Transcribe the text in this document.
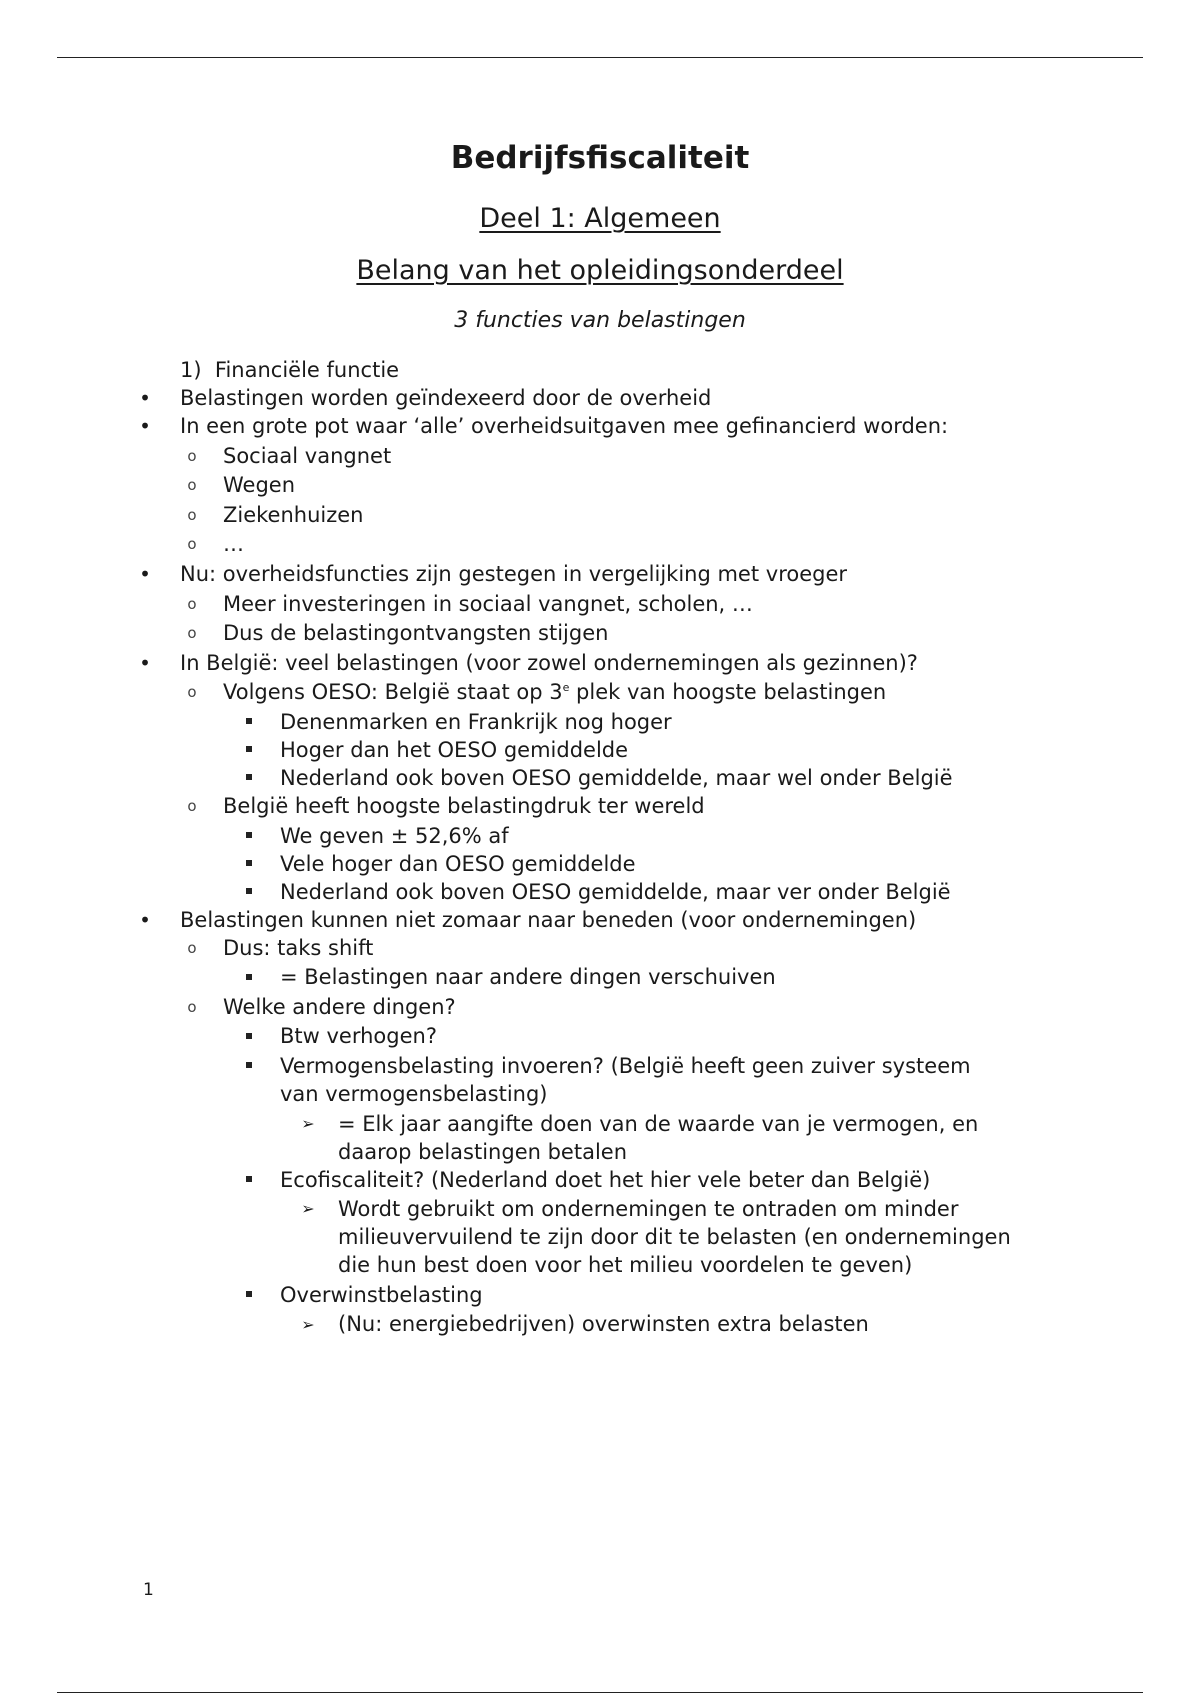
Bedrijfsfiscaliteit
Deel 1: Algemeen
Belang van het opleidingsonderdeel
3 functies van belastingen
1) Financiële functie
• Belastingen worden geïndexeerd door de overheid
• In een grote pot waar ‘alle’ overheidsuitgaven mee gefinancierd worden:
o Sociaal vangnet
o Wegen
o Ziekenhuizen
o …
• Nu: overheidsfuncties zijn gestegen in vergelijking met vroeger
o Meer investeringen in sociaal vangnet, scholen, …
o Dus de belastingontvangsten stijgen
• In België: veel belastingen (voor zowel ondernemingen als gezinnen)?
o Volgens OESO: België staat op 3e plek van hoogste belastingen
Denenmarken en Frankrijk nog hoger
Hoger dan het OESO gemiddelde
Nederland ook boven OESO gemiddelde, maar wel onder België
o België heeft hoogste belastingdruk ter wereld
We geven ± 52,6% af
Vele hoger dan OESO gemiddelde
Nederland ook boven OESO gemiddelde, maar ver onder België
• Belastingen kunnen niet zomaar naar beneden (voor ondernemingen)
o Dus: taks shift
= Belastingen naar andere dingen verschuiven
o Welke andere dingen?
Btw verhogen?
Vermogensbelasting invoeren? (België heeft geen zuiver systeem
van vermogensbelasting)
➢ = Elk jaar aangifte doen van de waarde van je vermogen, en
daarop belastingen betalen
Ecofiscaliteit? (Nederland doet het hier vele beter dan België)
➢ Wordt gebruikt om ondernemingen te ontraden om minder
milieuvervuilend te zijn door dit te belasten (en ondernemingen
die hun best doen voor het milieu voordelen te geven)
Overwinstbelasting
➢ (Nu: energiebedrijven) overwinsten extra belasten
1
